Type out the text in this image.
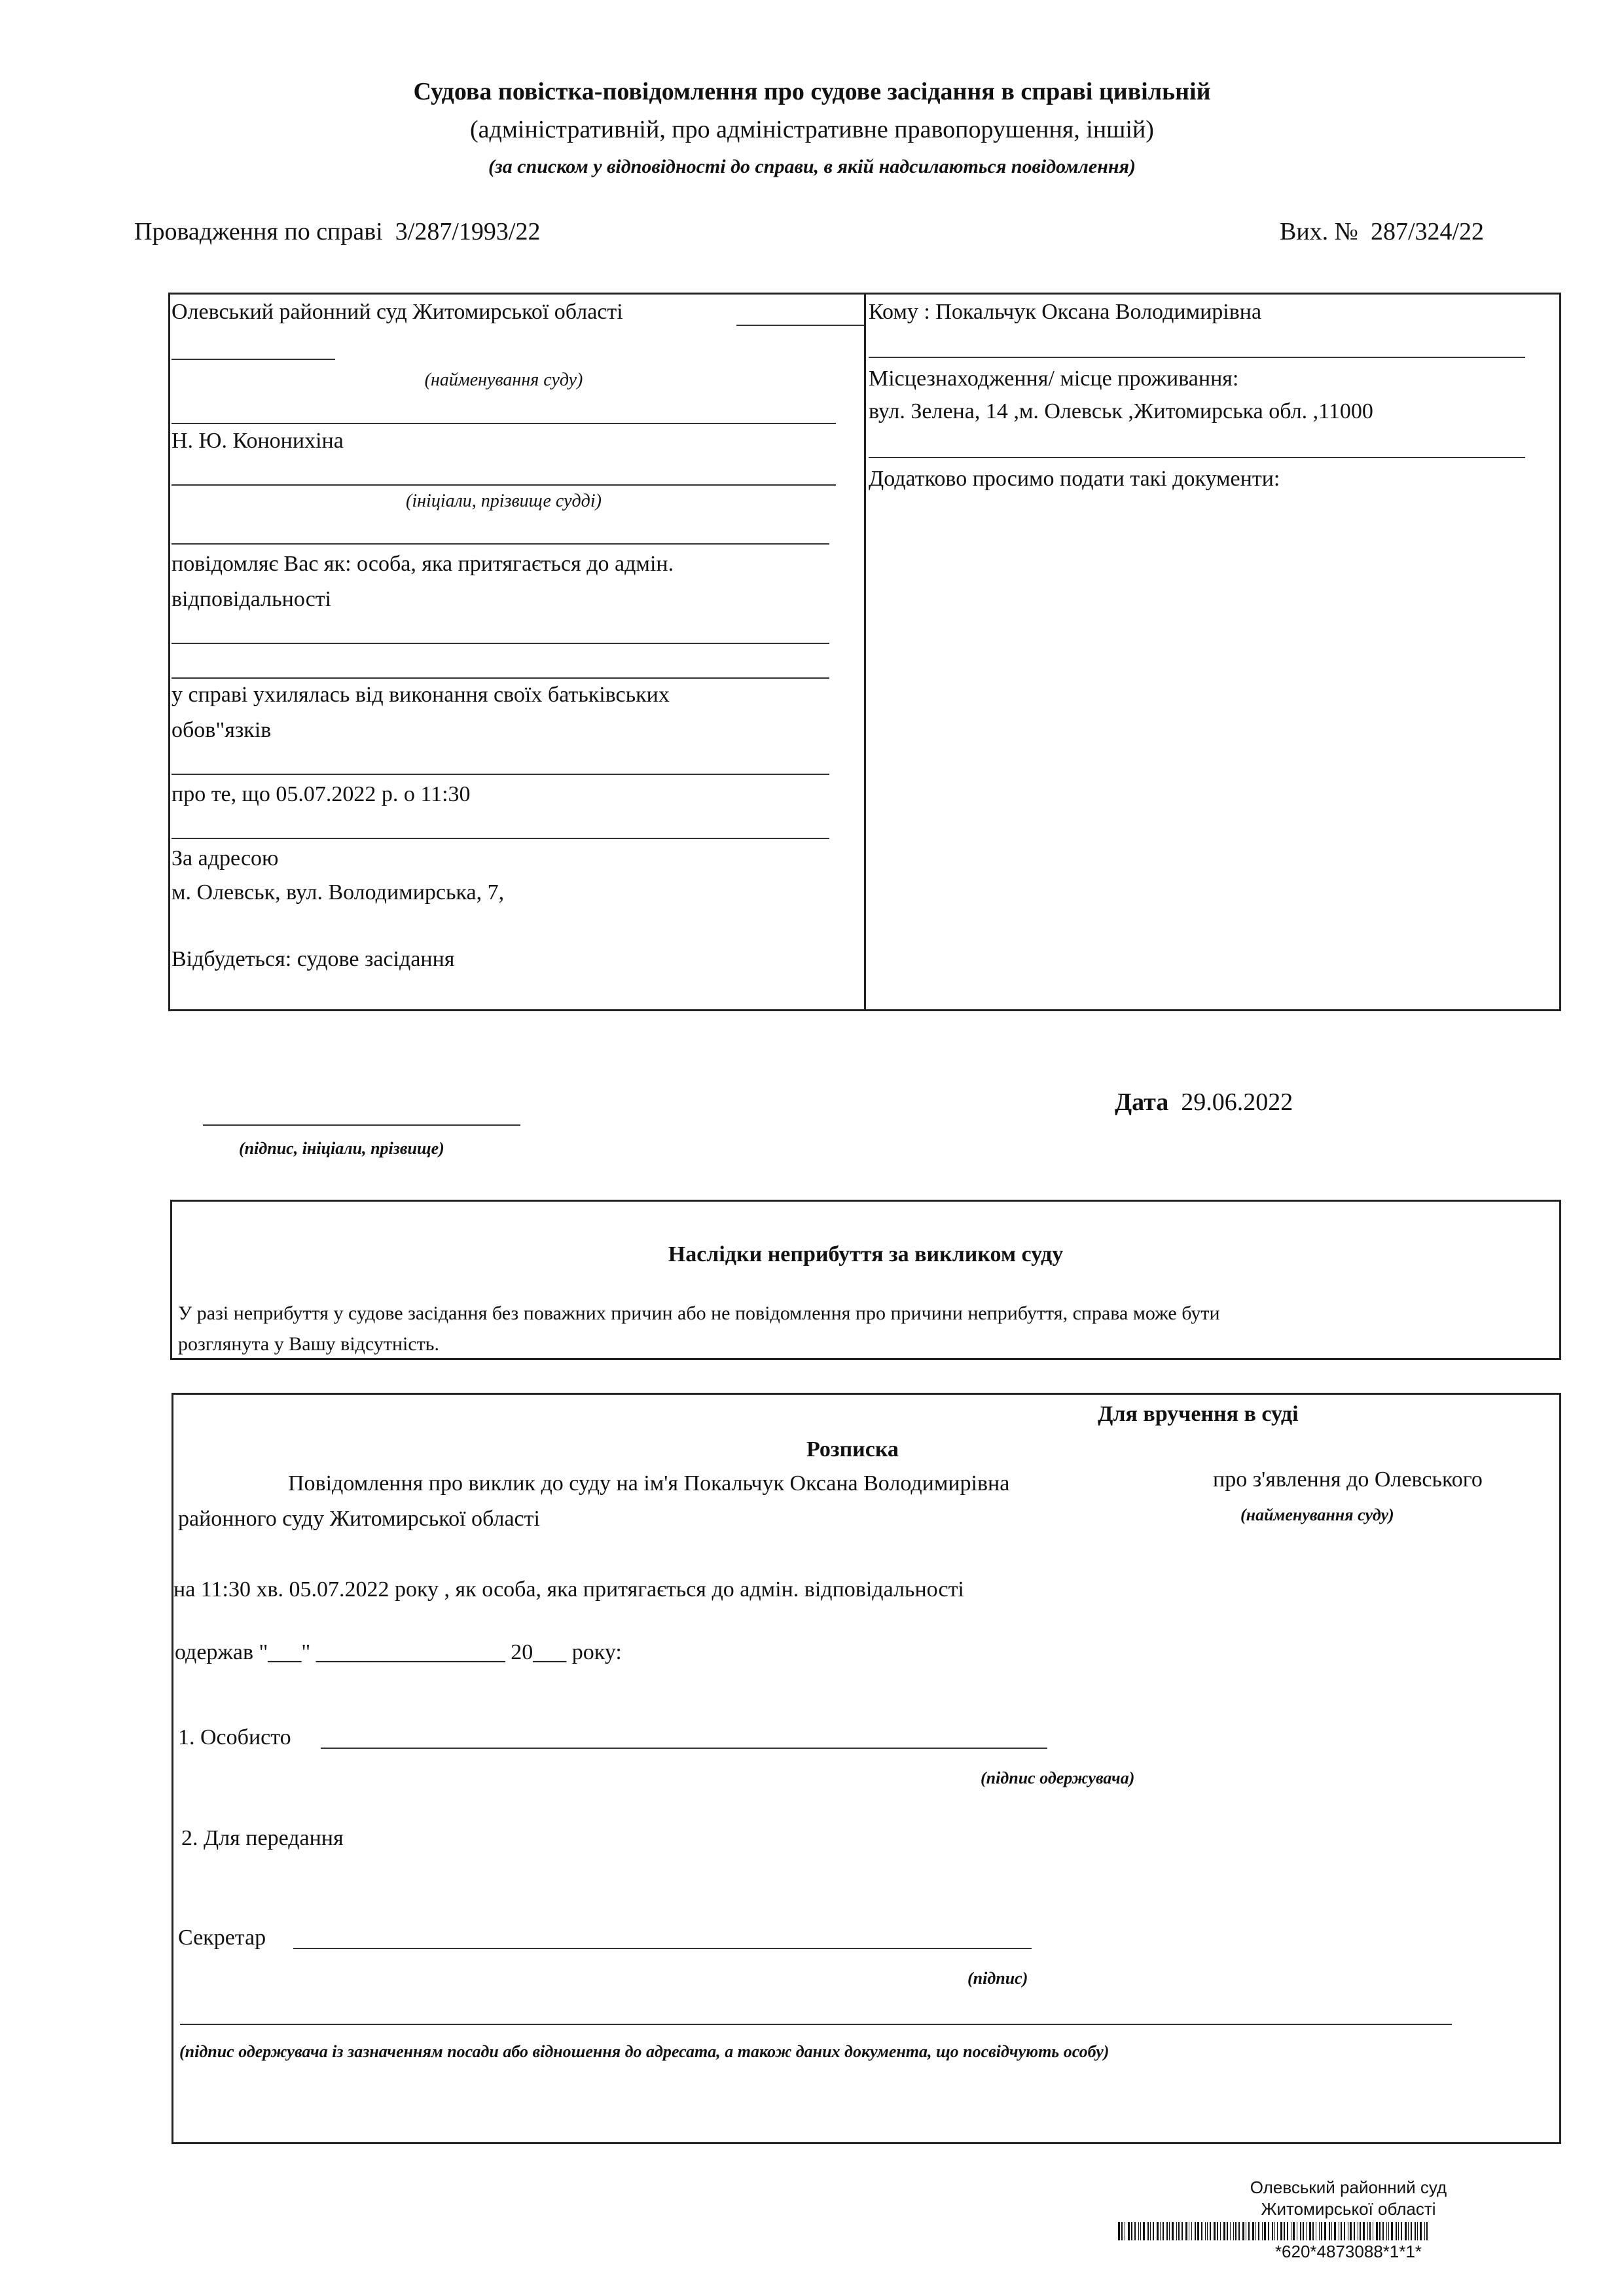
Судова повістка-повідомлення про судове засідання в справі цивільній
(адміністративній, про адміністративне правопорушення, іншій)
(за списком у відповідності до справи, в якій надсилаються повідомлення)
Провадження по справі 3/287/1993/22	Вих. № 287/324/22
Олевський районний суд Житомирської області
(найменування суду)
Н. Ю. Кононихіна
(ініціали, прізвище судді)
повідомляє Вас як: особа, яка притягається до адмін.
відповідальності
у справі ухилялась від виконання своїх батьківських
обов"язків
про те, що 05.07.2022 р. о 11:30
За адресою
м. Олевськ, вул. Володимирська, 7,
Відбудеться: судове засідання
Кому : Покальчук Оксана Володимирівна
Місцезнаходження/ місце проживання:
вул. Зелена, 14 ,м. Олевськ ,Житомирська обл. ,11000
Додатково просимо подати такі документи:
(підпис, ініціали, прізвище)
Дата 29.06.2022
Наслідки неприбуття за викликом суду
У разі неприбуття у судове засідання без поважних причин або не повідомлення про причини неприбуття, справа може бути
розглянута у Вашу відсутність.
Для вручення в суді
Розписка
Повідомлення про виклик до суду на ім'я Покальчук Оксана Володимирівна	про з'явлення до Олевського
районного суду Житомирської області	(найменування суду)
на 11:30 хв. 05.07.2022 року , як особа, яка притягається до адмін. відповідальності
одержав "___" _________________ 20___ року:
1. Особисто
(підпис одержувача)
2. Для передання
Секретар
(підпис)
(підпис одержувача із зазначенням посади або відношення до адресата, а також даних документа, що посвідчують особу)
Олевський районний суд
Житомирської області
*620*4873088*1*1*
